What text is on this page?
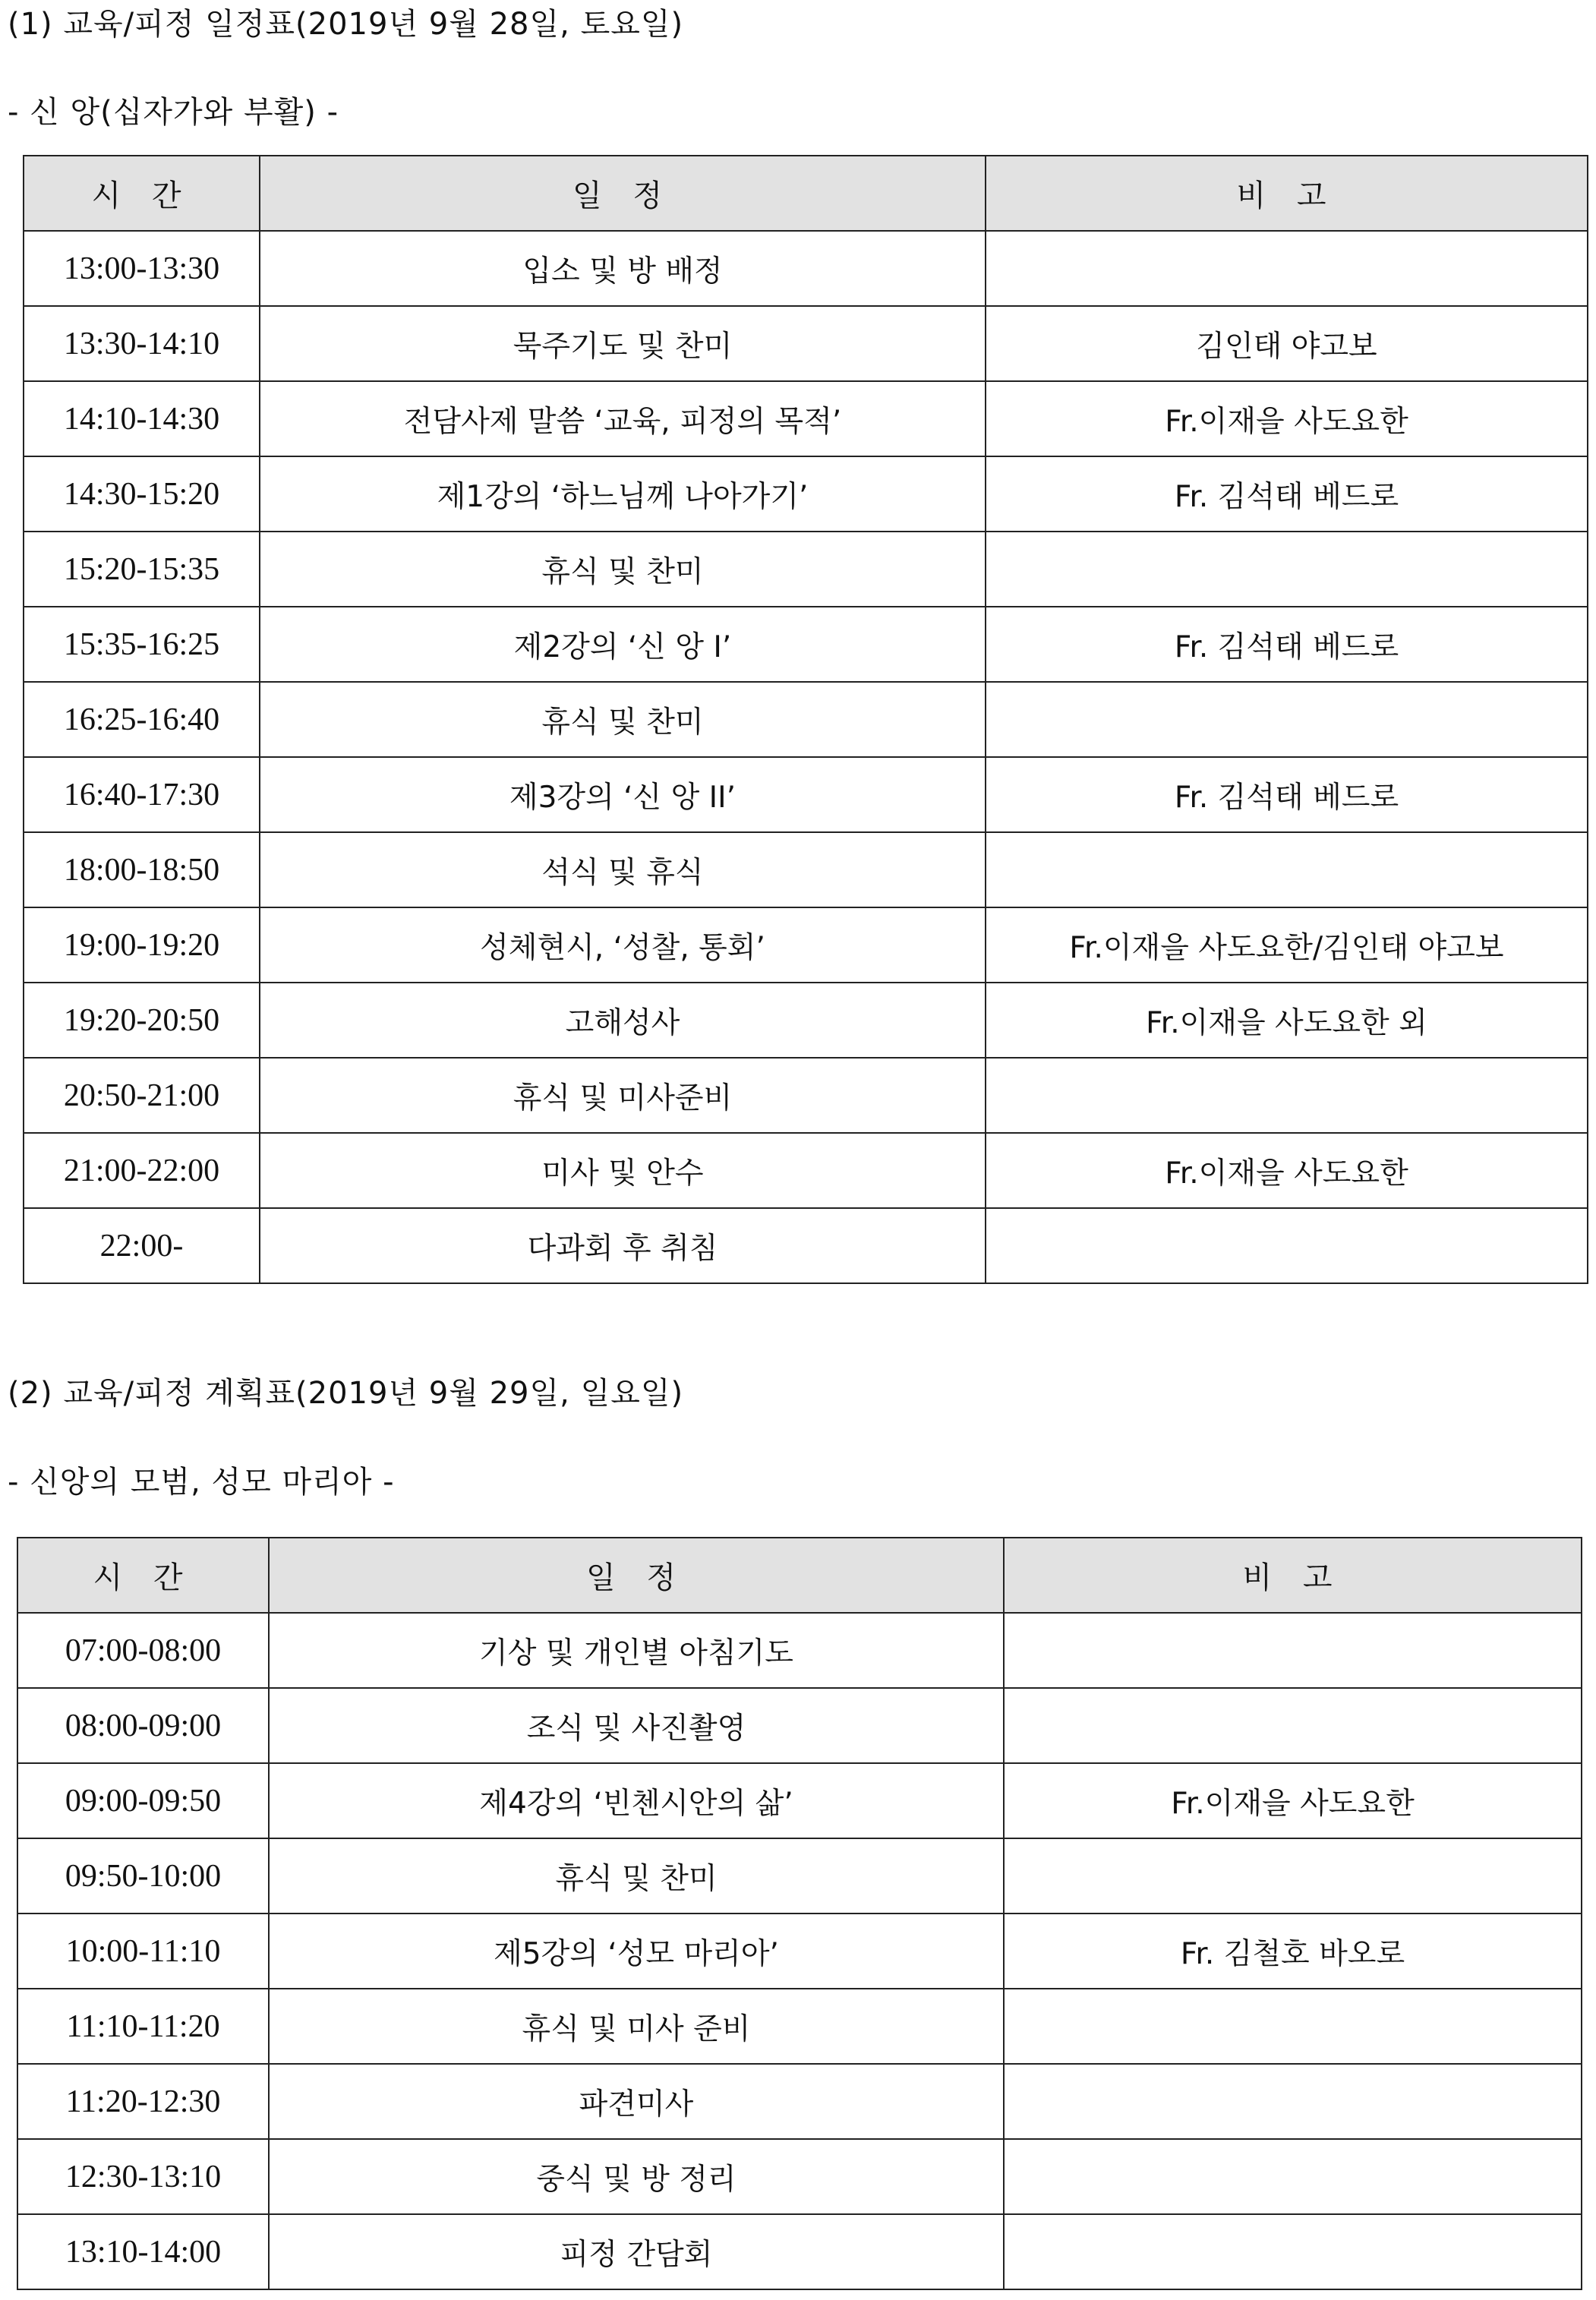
(1) 교육/피정 일정표(2019년 9월 28일, 토요일)
- 신 앙(십자가와 부활) -
시 간	일 정	비 고
13:00-13:30	입소 및 방 배정	
13:30-14:10	묵주기도 및 찬미	김인태 야고보
14:10-14:30	전담사제 말씀 ‘교육, 피정의 목적’	Fr.이재을 사도요한
14:30-15:20	제1강의 ‘하느님께 나아가기’	Fr. 김석태 베드로
15:20-15:35	휴식 및 찬미	
15:35-16:25	제2강의 ‘신 앙 I’	Fr. 김석태 베드로
16:25-16:40	휴식 및 찬미	
16:40-17:30	제3강의 ‘신 앙 II’	Fr. 김석태 베드로
18:00-18:50	석식 및 휴식	
19:00-19:20	성체현시, ‘성찰, 통회’	Fr.이재을 사도요한/김인태 야고보
19:20-20:50	고해성사	Fr.이재을 사도요한 외
20:50-21:00	휴식 및 미사준비	
21:00-22:00	미사 및 안수	Fr.이재을 사도요한
22:00-	다과회 후 취침	
(2) 교육/피정 계획표(2019년 9월 29일, 일요일)
- 신앙의 모범, 성모 마리아 -
시 간	일 정	비 고
07:00-08:00	기상 및 개인별 아침기도	
08:00-09:00	조식 및 사진촬영	
09:00-09:50	제4강의 ‘빈첸시안의 삶’	Fr.이재을 사도요한
09:50-10:00	휴식 및 찬미	
10:00-11:10	제5강의 ‘성모 마리아’	Fr. 김철호 바오로
11:10-11:20	휴식 및 미사 준비	
11:20-12:30	파견미사	
12:30-13:10	중식 및 방 정리	
13:10-14:00	피정 간담회	
